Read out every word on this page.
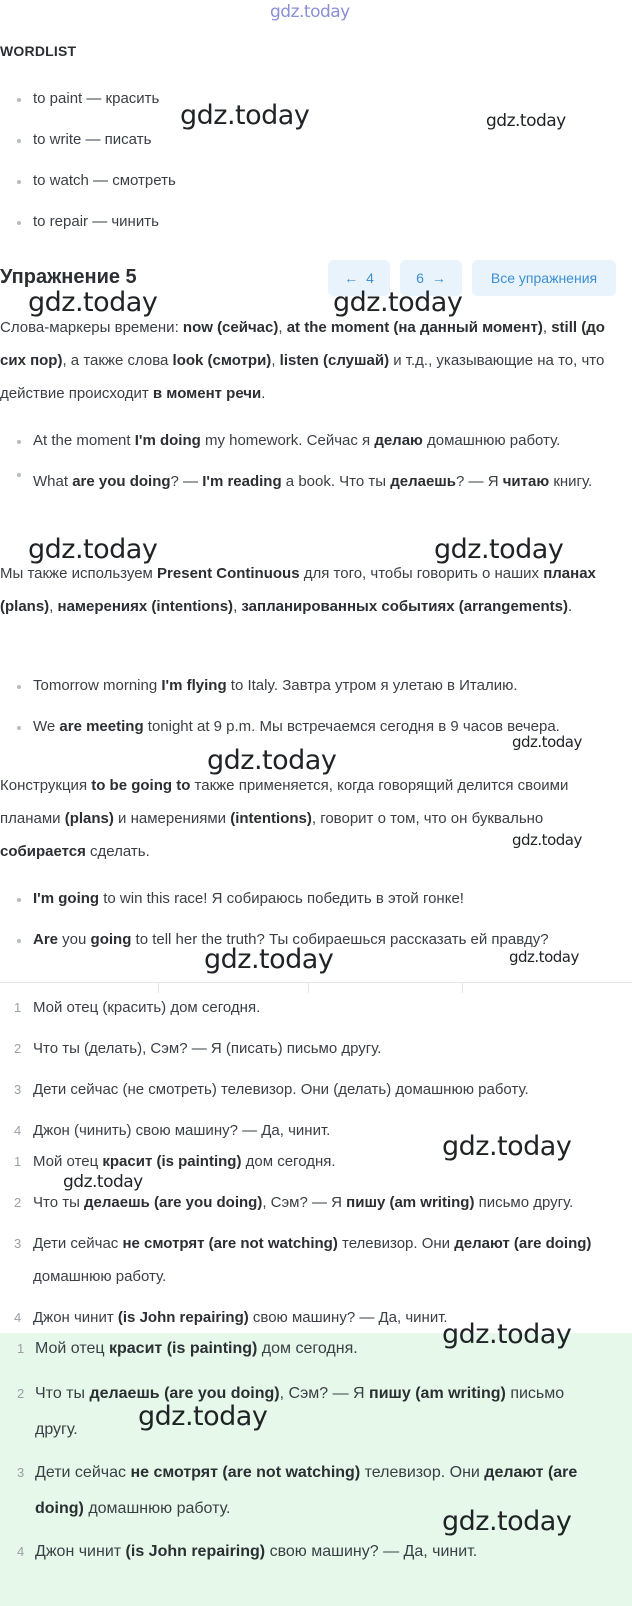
gdz.today
WORDLIST
to paint — красить
to write — писать
to watch — смотреть
to repair — чинить
Упражнение 5	← 4	6 →	Все упражнения
Слова-маркеры времени: now (сейчас), at the moment (на данный момент), still (до сих пор), а также слова look (смотри), listen (слушай) и т.д., указывающие на то, что действие происходит в момент речи.
At the moment I'm doing my homework. Сейчас я делаю домашнюю работу.
What are you doing? — I'm reading a book. Что ты делаешь? — Я читаю книгу.
Мы также используем Present Continuous для того, чтобы говорить о наших планах (plans), намерениях (intentions), запланированных событиях (arrangements).
Tomorrow morning I'm flying to Italy. Завтра утром я улетаю в Италию.
We are meeting tonight at 9 p.m. Мы встречаемся сегодня в 9 часов вечера.
Конструкция to be going to также применяется, когда говорящий делится своими планами (plans) и намерениями (intentions), говорит о том, что он буквально собирается сделать.
I'm going to win this race! Я собираюсь победить в этой гонке!
Are you going to tell her the truth? Ты собираешься рассказать ей правду?
1 Мой отец (красить) дом сегодня.
2 Что ты (делать), Сэм? — Я (писать) письмо другу.
3 Дети сейчас (не смотреть) телевизор. Они (делать) домашнюю работу.
4 Джон (чинить) свою машину? — Да, чинит.
1 Мой отец красит (is painting) дом сегодня.
2 Что ты делаешь (are you doing), Сэм? — Я пишу (am writing) письмо другу.
3 Дети сейчас не смотрят (are not watching) телевизор. Они делают (are doing) домашнюю работу.
4 Джон чинит (is John repairing) свою машину? — Да, чинит.
1 Мой отец красит (is painting) дом сегодня.
2 Что ты делаешь (are you doing), Сэм? — Я пишу (am writing) письмо другу.
3 Дети сейчас не смотрят (are not watching) телевизор. Они делают (are doing) домашнюю работу.
4 Джон чинит (is John repairing) свою машину? — Да, чинит.
gdz.today	gdz.today
gdz.today	gdz.today
gdz.today	gdz.today
gdz.today
gdz.today
gdz.today
gdz.today	gdz.today
gdz.today
gdz.today
gdz.today
gdz.today
gdz.today
